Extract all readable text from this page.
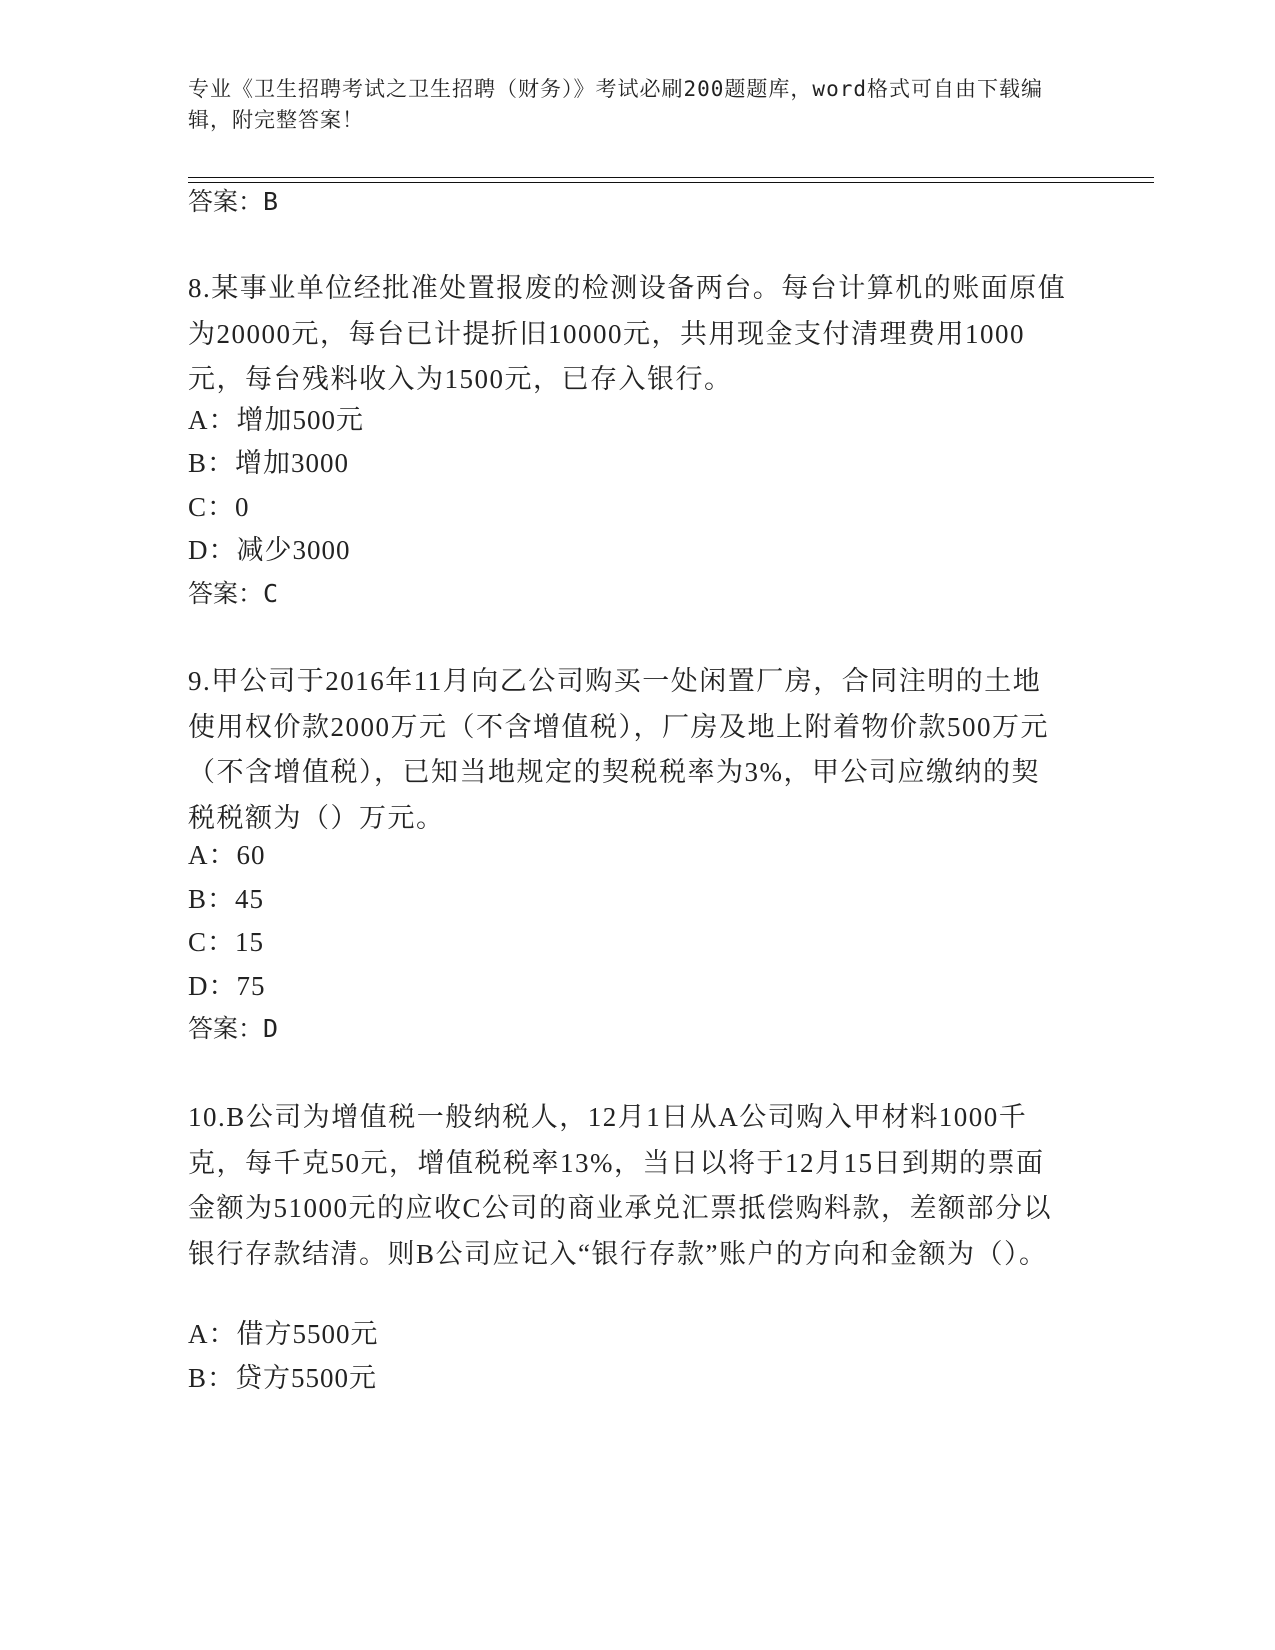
专业《卫生招聘考试之卫生招聘（财务）》考试必刷200题题库，word格式可自由下载编辑，附完整答案！

答案：B

8.某事业单位经批准处置报废的检测设备两台。每台计算机的账面原值为20000元，每台已计提折旧10000元，共用现金支付清理费用1000元，每台残料收入为1500元，已存入银行。

A：增加500元

B：增加3000

C：0

D：减少3000

答案：C

9.甲公司于2016年11月向乙公司购买一处闲置厂房，合同注明的土地使用权价款2000万元（不含增值税），厂房及地上附着物价款500万元（不含增值税），已知当地规定的契税税率为3%，甲公司应缴纳的契税税额为（）万元。

A：60

B：45

C：15

D：75

答案：D

10.B公司为增值税一般纳税人，12月1日从A公司购入甲材料1000千克，每千克50元，增值税税率13%，当日以将于12月15日到期的票面金额为51000元的应收C公司的商业承兑汇票抵偿购料款，差额部分以银行存款结清。则B公司应记入“银行存款”账户的方向和金额为（）。

A：借方5500元

B：贷方5500元
